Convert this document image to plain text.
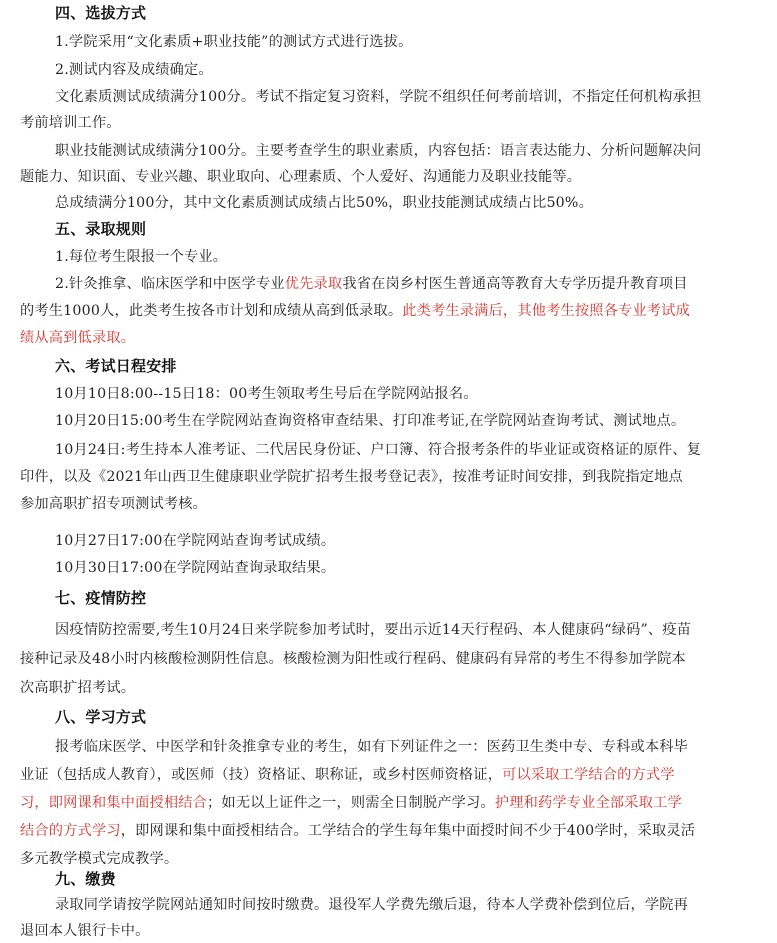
四、选拔方式
1.学院采用“文化素质+职业技能”的测试方式进行选拔。
2.测试内容及成绩确定。
文化素质测试成绩满分100分。考试不指定复习资料，学院不组织任何考前培训，不指定任何机构承担
考前培训工作。
职业技能测试成绩满分100分。主要考查学生的职业素质，内容包括：语言表达能力、分析问题解决问
题能力、知识面、专业兴趣、职业取向、心理素质、个人爱好、沟通能力及职业技能等。
总成绩满分100分，其中文化素质测试成绩占比50%，职业技能测试成绩占比50%。
五、录取规则
1.每位考生限报一个专业。
2.针灸推拿、临床医学和中医学专业优先录取我省在岗乡村医生普通高等教育大专学历提升教育项目
的考生1000人，此类考生按各市计划和成绩从高到低录取。此类考生录满后，其他考生按照各专业考试成
绩从高到低录取。
六、考试日程安排
10月10日8:00--15日18：00考生领取考生号后在学院网站报名。
10月20日15:00考生在学院网站查询资格审查结果、打印准考证,在学院网站查询考试、测试地点。
10月24日:考生持本人准考证、二代居民身份证、户口簿、符合报考条件的毕业证或资格证的原件、复
印件，以及《2021年山西卫生健康职业学院扩招考生报考登记表》，按准考证时间安排，到我院指定地点
参加高职扩招专项测试考核。
10月27日17:00在学院网站查询考试成绩。
10月30日17:00在学院网站查询录取结果。
七、疫情防控
因疫情防控需要,考生10月24日来学院参加考试时，要出示近14天行程码、本人健康码“绿码”、疫苗
接种记录及48小时内核酸检测阴性信息。核酸检测为阳性或行程码、健康码有异常的考生不得参加学院本
次高职扩招考试。
八、学习方式
报考临床医学、中医学和针灸推拿专业的考生，如有下列证件之一：医药卫生类中专、专科或本科毕
业证（包括成人教育），或医师（技）资格证、职称证，或乡村医师资格证，可以采取工学结合的方式学
习，即网课和集中面授相结合；如无以上证件之一，则需全日制脱产学习。护理和药学专业全部采取工学
结合的方式学习，即网课和集中面授相结合。工学结合的学生每年集中面授时间不少于400学时，采取灵活
多元教学模式完成教学。
九、缴费
录取同学请按学院网站通知时间按时缴费。退役军人学费先缴后退，待本人学费补偿到位后，学院再
退回本人银行卡中。
